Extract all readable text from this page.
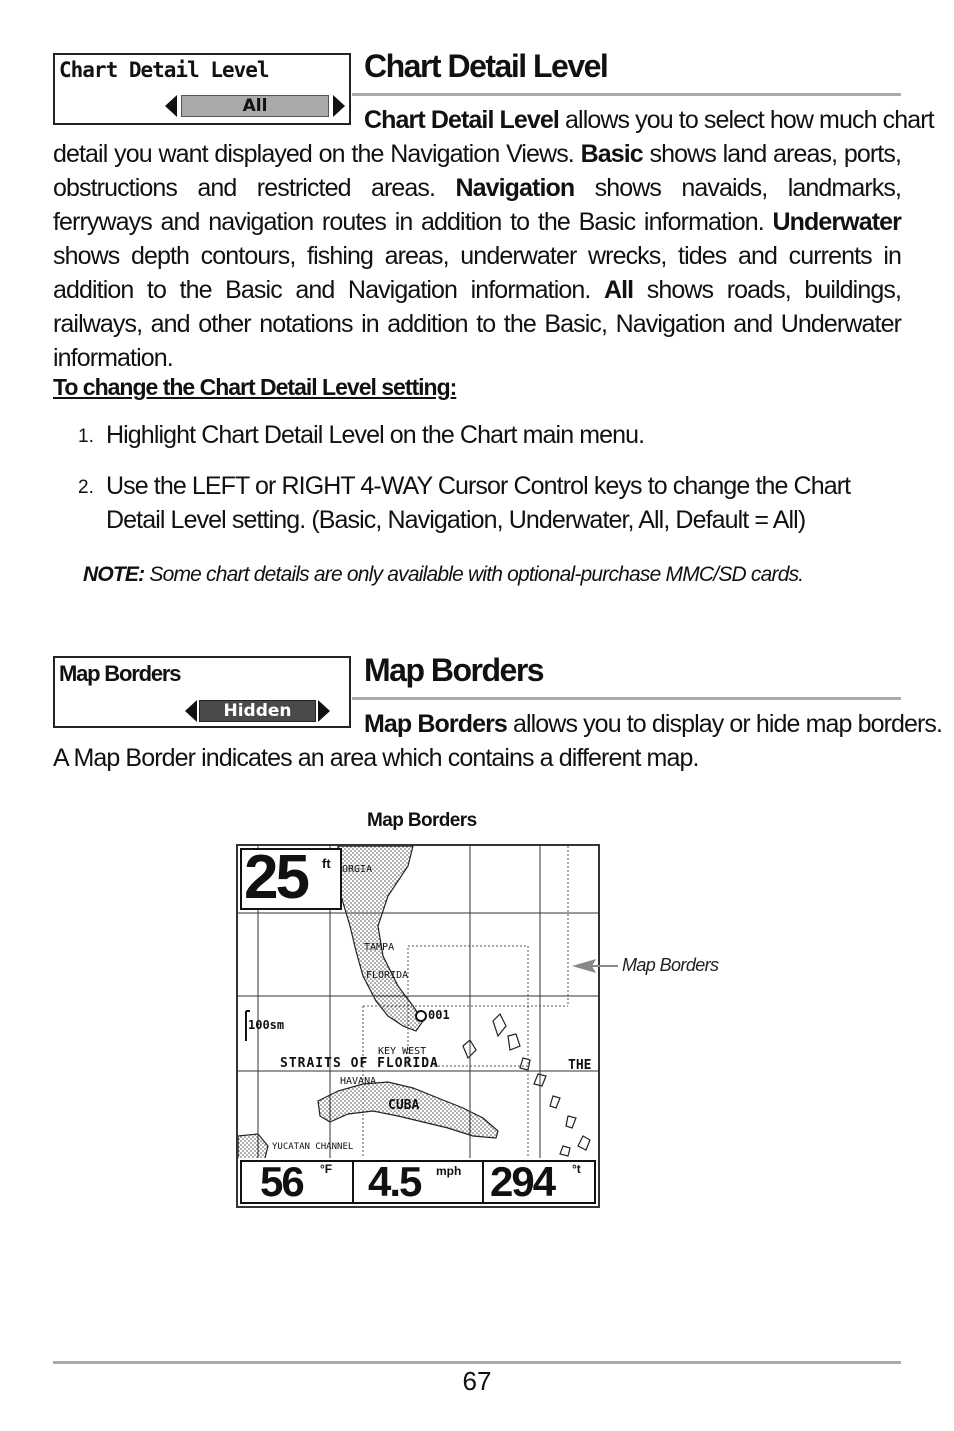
Chart Detail Level
All
Chart Detail Level

Chart Detail Level allows you to select how much chart

detail you want displayed on the Navigation Views. Basic shows land areas, ports, obstructions and restricted areas. Navigation shows navaids, landmarks, ferryways and navigation routes in addition to the Basic information. Underwater shows depth contours, fishing areas, underwater wrecks, tides and currents in addition to the Basic and Navigation information. All shows roads, buildings, railways, and other notations in addition to the Basic, Navigation and Underwater information.

To change the Chart Detail Level setting:

1. Highlight Chart Detail Level on the Chart main menu.

2. Use the LEFT or RIGHT 4-WAY Cursor Control keys to change the Chart Detail Level setting. (Basic, Navigation, Underwater, All, Default = All)

NOTE: Some chart details are only available with optional-purchase MMC/SD cards.

Map Borders
Hidden
Map Borders

Map Borders allows you to display or hide map borders.

A Map Border indicates an area which contains a different map.

Map Borders
25 ft ORGIA
TAMPA
FLORIDA
001
100sm
KEY WEST
STRAITS OF FLORIDA	THE
HAVANA
CUBA
YUCATAN CHANNEL
56 °F 4.5 mph 294 °t
Map Borders
67
